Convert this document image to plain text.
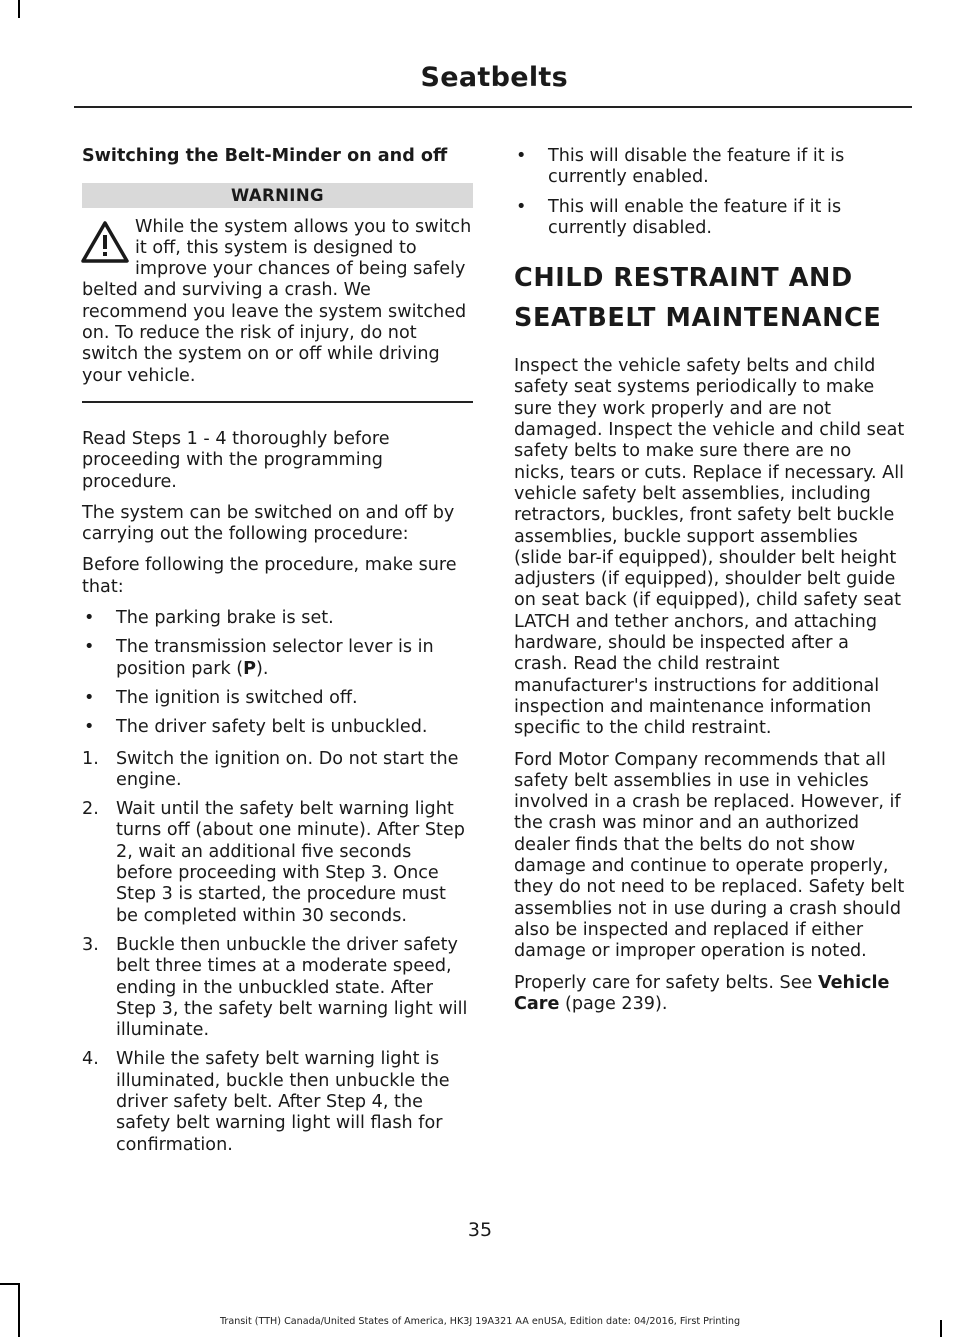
Seatbelts
Switching the Belt-Minder on and off
WARNING

While the system allows you to switch it off, this system is designed to improve your chances of being safely belted and surviving a crash. We recommend you leave the system switched on. To reduce the risk of injury, do not switch the system on or off while driving your vehicle.

Read Steps 1 - 4 thoroughly before proceeding with the programming procedure.

The system can be switched on and off by carrying out the following procedure:

Before following the procedure, make sure that:

• The parking brake is set.
• The transmission selector lever is in position park (P).
• The ignition is switched off.
• The driver safety belt is unbuckled.
1. Switch the ignition on. Do not start the engine.
2. Wait until the safety belt warning light turns off (about one minute). After Step 2, wait an additional five seconds before proceeding with Step 3. Once Step 3 is started, the procedure must be completed within 30 seconds.
3. Buckle then unbuckle the driver safety belt three times at a moderate speed, ending in the unbuckled state. After Step 3, the safety belt warning light will illuminate.
4. While the safety belt warning light is illuminated, buckle then unbuckle the driver safety belt. After Step 4, the safety belt warning light will flash for confirmation.
• This will disable the feature if it is currently enabled.
• This will enable the feature if it is currently disabled.
CHILD RESTRAINT AND
SEATBELT MAINTENANCE

Inspect the vehicle safety belts and child safety seat systems periodically to make sure they work properly and are not damaged. Inspect the vehicle and child seat safety belts to make sure there are no nicks, tears or cuts. Replace if necessary. All vehicle safety belt assemblies, including retractors, buckles, front safety belt buckle assemblies, buckle support assemblies (slide bar-if equipped), shoulder belt height adjusters (if equipped), shoulder belt guide on seat back (if equipped), child safety seat LATCH and tether anchors, and attaching hardware, should be inspected after a crash. Read the child restraint manufacturer's instructions for additional inspection and maintenance information specific to the child restraint.

Ford Motor Company recommends that all safety belt assemblies in use in vehicles involved in a crash be replaced. However, if the crash was minor and an authorized dealer finds that the belts do not show damage and continue to operate properly, they do not need to be replaced. Safety belt assemblies not in use during a crash should also be inspected and replaced if either damage or improper operation is noted.

Properly care for safety belts. See Vehicle Care (page 239).

35
Transit (TTH) Canada/United States of America, HK3J 19A321 AA enUSA, Edition date: 04/2016, First Printing
